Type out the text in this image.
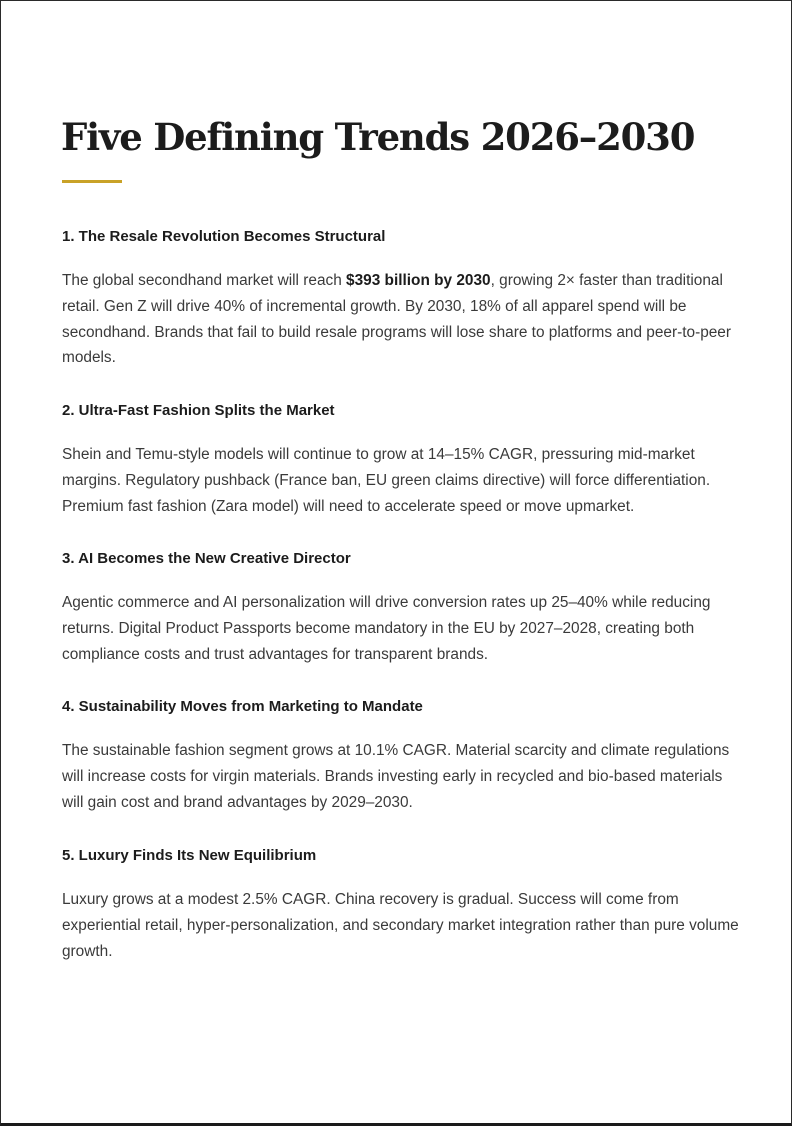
Five Defining Trends 2026–2030
1. The Resale Revolution Becomes Structural

The global secondhand market will reach $393 billion by 2030, growing 2× faster than traditional retail. Gen Z will drive 40% of incremental growth. By 2030, 18% of all apparel spend will be secondhand. Brands that fail to build resale programs will lose share to platforms and peer-to-peer models.

2. Ultra-Fast Fashion Splits the Market

Shein and Temu-style models will continue to grow at 14–15% CAGR, pressuring mid-market margins. Regulatory pushback (France ban, EU green claims directive) will force differentiation. Premium fast fashion (Zara model) will need to accelerate speed or move upmarket.

3. AI Becomes the New Creative Director

Agentic commerce and AI personalization will drive conversion rates up 25–40% while reducing returns. Digital Product Passports become mandatory in the EU by 2027–2028, creating both compliance costs and trust advantages for transparent brands.

4. Sustainability Moves from Marketing to Mandate

The sustainable fashion segment grows at 10.1% CAGR. Material scarcity and climate regulations will increase costs for virgin materials. Brands investing early in recycled and bio-based materials will gain cost and brand advantages by 2029–2030.

5. Luxury Finds Its New Equilibrium

Luxury grows at a modest 2.5% CAGR. China recovery is gradual. Success will come from experiential retail, hyper-personalization, and secondary market integration rather than pure volume growth.
